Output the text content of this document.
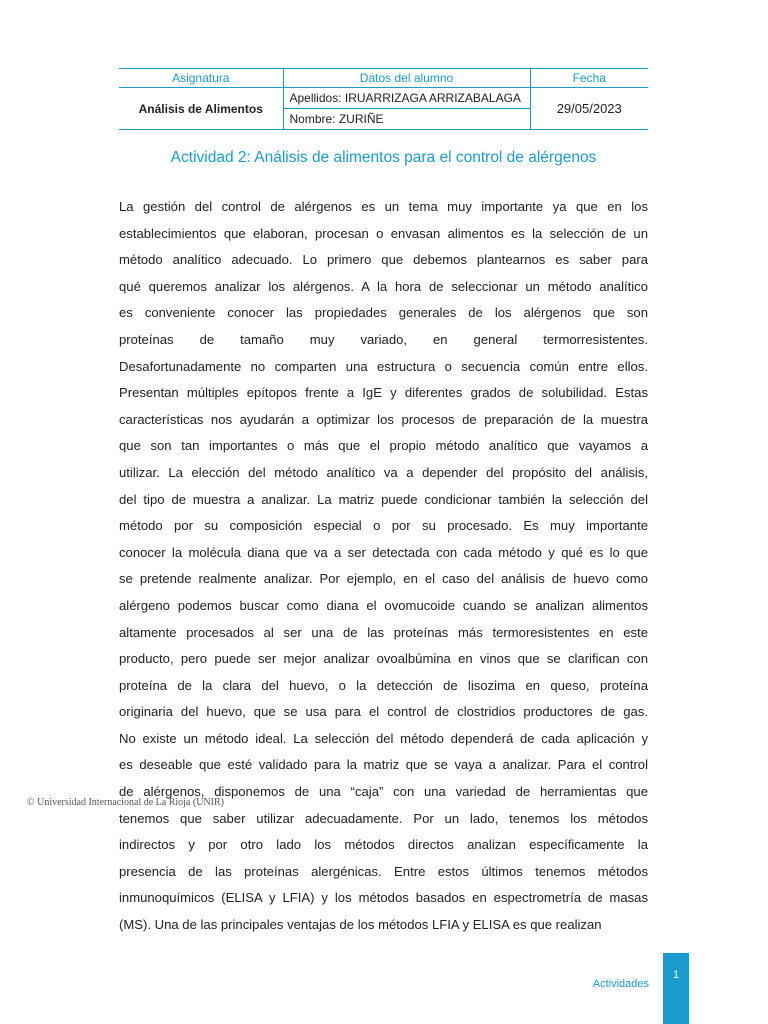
Asignatura	Datos del alumno	Fecha
Análisis de Alimentos	Apellidos: IRUARRIZAGA ARRIZABALAGA	29/05/2023
	Nombre: ZURIÑE	
Actividad 2: Análisis de alimentos para el control de alérgenos
La gestión del control de alérgenos es un tema muy importante ya que en los
establecimientos que elaboran, procesan o envasan alimentos es la selección de un
método analítico adecuado. Lo primero que debemos plantearnos es saber para
qué queremos analizar los alérgenos. A la hora de seleccionar un método analítico
es conveniente conocer las propiedades generales de los alérgenos que son
proteínas de tamaño muy variado, en general termorresistentes.
Desafortunadamente no comparten una estructura o secuencia común entre ellos.
Presentan múltiples epítopos frente a IgE y diferentes grados de solubilidad. Estas
características nos ayudarán a optimizar los procesos de preparación de la muestra
que son tan importantes o más que el propio método analítico que vayamos a
utilizar. La elección del método analítico va a depender del propósito del análisis,
del tipo de muestra a analizar. La matriz puede condicionar también la selección del
método por su composición especial o por su procesado. Es muy importante
conocer la molécula diana que va a ser detectada con cada método y qué es lo que
se pretende realmente analizar. Por ejemplo, en el caso del análisis de huevo como
alérgeno podemos buscar como diana el ovomucoide cuando se analizan alimentos
altamente procesados al ser una de las proteínas más termoresistentes en este
producto, pero puede ser mejor analizar ovoalbúmina en vinos que se clarifican con
proteína de la clara del huevo, o la detección de lisozima en queso, proteína
originaria del huevo, que se usa para el control de clostridios productores de gas.
No existe un método ideal. La selección del método dependerá de cada aplicación y
es deseable que esté validado para la matriz que se vaya a analizar. Para el control
de alérgenos, disponemos de una “caja” con una variedad de herramientas que
tenemos que saber utilizar adecuadamente. Por un lado, tenemos los métodos
indirectos y por otro lado los métodos directos analizan específicamente la
presencia de las proteínas alergénicas. Entre estos últimos tenemos métodos
inmunoquímicos (ELISA y LFIA) y los métodos basados en espectrometría de masas
(MS). Una de las principales ventajas de los métodos LFIA y ELISA es que realizan
© Universidad Internacional de La Rioja (UNIR)
Actividades
1
